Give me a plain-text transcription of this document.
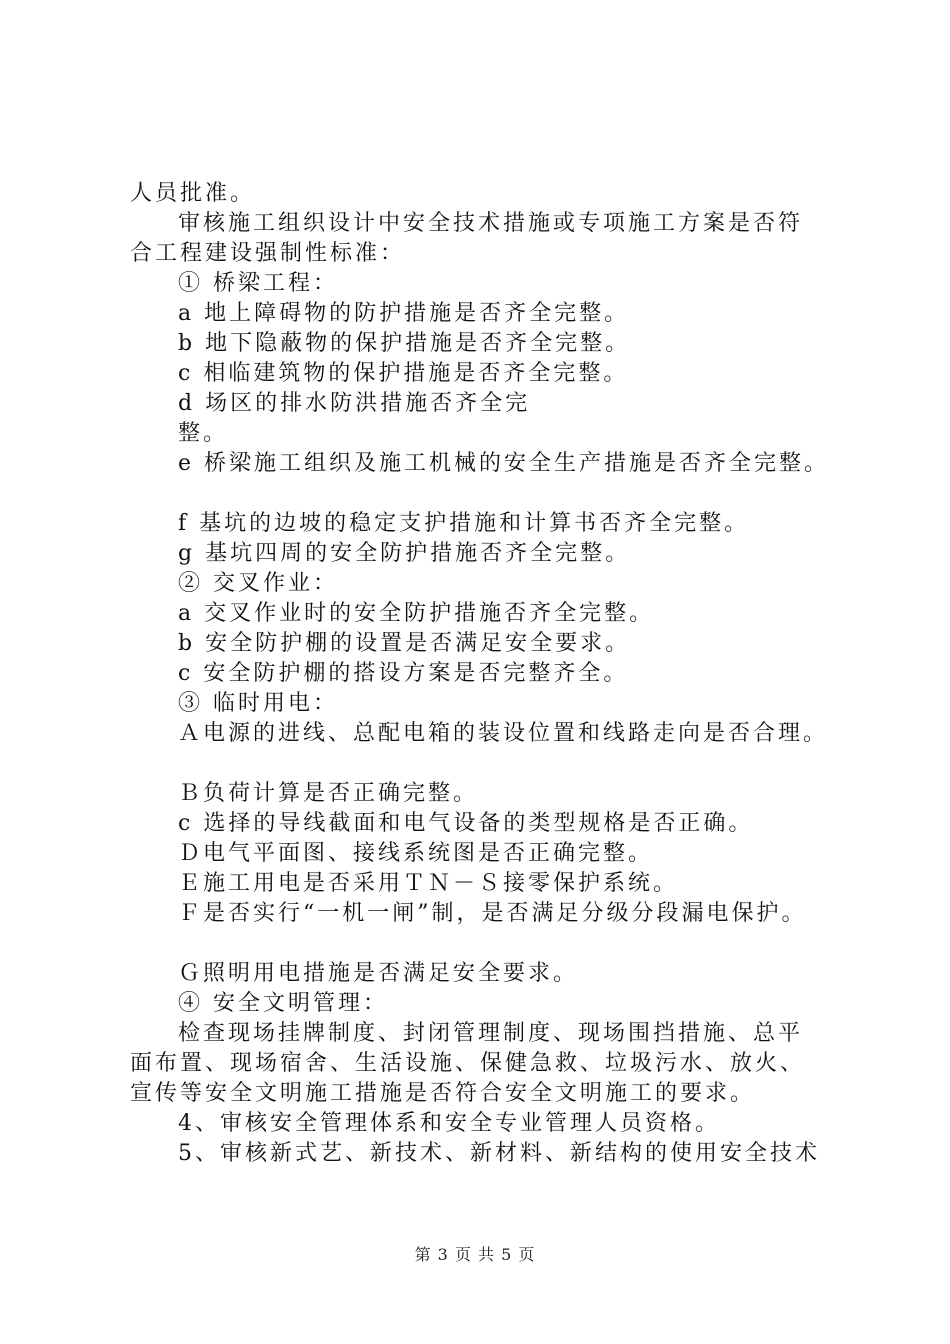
人员批准。
审核施工组织设计中安全技术措施或专项施工方案是否符
合工程建设强制性标准：
① 桥梁工程：
a 地上障碍物的防护措施是否齐全完整。
b 地下隐蔽物的保护措施是否齐全完整。
c 相临建筑物的保护措施是否齐全完整。
d 场区的排水防洪措施否齐全完
整。
e 桥梁施工组织及施工机械的安全生产措施是否齐全完整。
f 基坑的边坡的稳定支护措施和计算书否齐全完整。
g 基坑四周的安全防护措施否齐全完整。
② 交叉作业：
a 交叉作业时的安全防护措施否齐全完整。
b 安全防护棚的设置是否满足安全要求。
c 安全防护棚的搭设方案是否完整齐全。
③ 临时用电：
Ａ电源的进线、总配电箱的装设位置和线路走向是否合理。
Ｂ负荷计算是否正确完整。
c 选择的导线截面和电气设备的类型规格是否正确。
Ｄ电气平面图、接线系统图是否正确完整。
Ｅ施工用电是否采用ＴＮ－Ｓ接零保护系统。
Ｆ是否实行“一机一闸”制，是否满足分级分段漏电保护。
Ｇ照明用电措施是否满足安全要求。
④ 安全文明管理：
检查现场挂牌制度、封闭管理制度、现场围挡措施、总平
面布置、现场宿舍、生活设施、保健急救、垃圾污水、放火、
宣传等安全文明施工措施是否符合安全文明施工的要求。
4、审核安全管理体系和安全专业管理人员资格。
5、审核新式艺、新技术、新材料、新结构的使用安全技术
第 3 页 共 5 页
